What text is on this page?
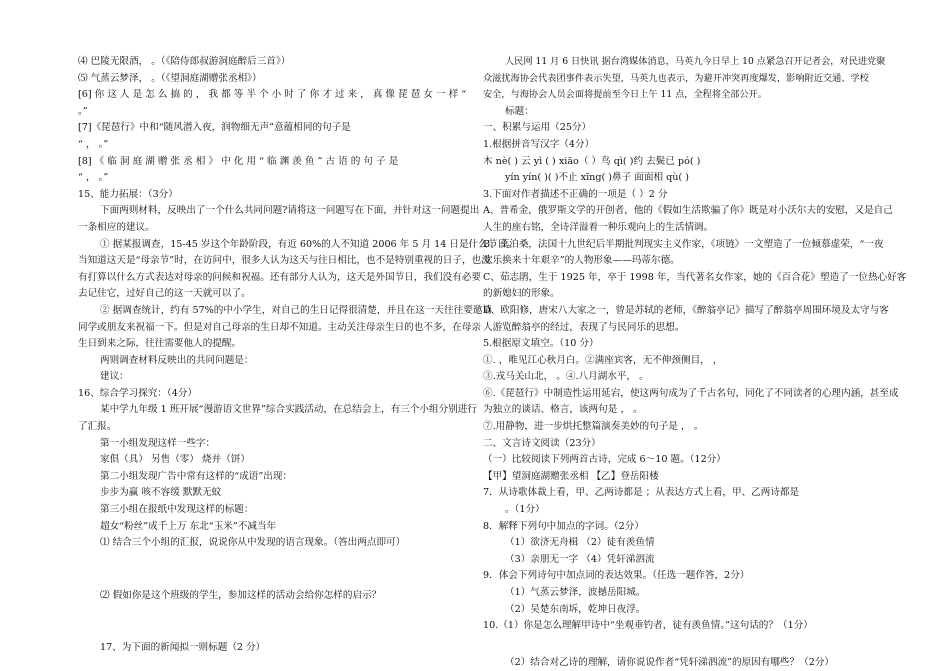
⑷ 巴陵无限酒， 。（《陪侍郎叔游洞庭醉后三首》）
⑸ 气蒸云梦泽， 。（《望洞庭湖赠张丞相》）
[6] 你 这 人 是 怎 么 搞 的 ， 我 都 等 半 个 小 时 了 你 才 过 来 ， 真 像 琵 琶 女 一 样 “
。”
[7]《琵琶行》中和“随风潜入夜，润物细无声”意蕴相同的句子是
“ ， 。”
[8] 《 临 洞 庭 湖 赠 张 丞 相 》 中 化 用 “ 临 渊 羡 鱼 ” 古 语 的 句 子 是
“ ， 。”
15、能力拓展：（3分）
下面两则材料，反映出了一个什么共同问题?请将这一问题写在下面，并针对这一问题提出
一条相应的建议。
① 据某报调查，15-45 岁这个年龄阶段，有近 60%的人不知道 2006 年 5 月 14 日是什么节日。
当知道这天是“母亲节”时，在访问中，很多人认为这天与往日相比，也不是特别重视的日子，也没
有打算以什么方式表达对母亲的问候和祝福。还有部分人认为，这天是外国节日，我们没有必要
去记住它，过好自己的这一天就可以了。
② 据调查统计，约有 57%的中小学生，对自己的生日记得很清楚，并且在这一天往往要邀请
同学或朋友来祝福一下。但是对自己母亲的生日却不知道。主动关注母亲生日的也不多，在母亲
生日到来之际，往往需要他人的提醒。
两则调查材料反映出的共同问题是：
建议：
16、综合学习探究：（4分）
某中学九年级 1 班开展“漫游语文世界”综合实践活动，在总结会上，有三个小组分别进行
了汇报。
第一小组发现这样一些字：
家俱（具） 另售（零） 烧并（饼）
第二小组发现广告中常有这样的“成语”出现：
步步为赢 咳不容缓 默默无蚊
第三小组在报纸中发现这样的标题：
超女“粉丝”成千上万 东北“玉米”不减当年
⑴ 结合三个小组的汇报，说说你从中发现的语言现象。（答出两点即可）
⑵ 假如你是这个班级的学生，参加这样的活动会给你怎样的启示？
17、为下面的新闻拟一则标题（2 分）
人民网 11 月 6 日快讯 据台湾媒体消息，马英九今日早上 10 点紧急召开记者会，对民进党聚
众滋扰海协会代表团事件表示失望，马英九也表示，为避开冲突再度爆发，影响附近交通、学校
安全，与海协会人员会面将提前至今日上午 11 点，全程将全部公开。
标题：
一、积累与运用（25分）
1.根据拼音写汉字（4分）
木 nè( ) 云 yì ( ) xiāo（ ）鸟 qì( )约 去鬓已 pó( )
yín yín( )( )不止 xīng( )鼻子 面面相 qù( )
3.下面对作者描述不正确的一项是（ ）2 分
A、普希金，俄罗斯文学的开创者，他的《假如生活欺骗了你》既是对小沃尔夫的安慰，又是自己
人生的座右铭，全诗洋溢着一种乐观向上的生活情调。
B、莫泊桑，法国十九世纪后半期批判现实主义作家，《项链》一文塑造了一位倾慕虚荣，“一夜
欢乐换来十年艰辛”的人物形象——玛蒂尔德。
C、茹志鹃，生于 1925 年，卒于 1998 年，当代著名女作家，她的《百合花》塑造了一位热心好客
的新媳妇的形象。
D、欧阳修，唐宋八大家之一，曾是苏轼的老师，《醉翁亭记》描写了醉翁亭周围环境及太守与客
人游览醉翁亭的经过，表现了与民同乐的思想。
5.根据原文填空。（10 分）
①. ，唯见江心秋月白。②满座宾客，无不伸颈侧目， ，
③.戎马关山北， 。④.八月湖水平， 。
⑥.《琵琶行》中制造性运用延宕，使这两句成为了千古名句，同化了不同读者的心理内涵，甚至成
为独立的谈话、格言，该两句是 ， 。
⑦.用静物，进一步烘托整篇演奏美妙的句子是 ， 。
二、文言诗文阅读（23分）
（一）比较阅读下列两首古诗，完成 6～10 题。（12分）
【甲】望洞庭湖赠张丞相 【乙】登岳阳楼
7．从诗歌体裁上看，甲、乙两诗都是 ；从表达方式上看，甲、乙两诗都是
。（1分）
8．解释下列句中加点的字词。（2分）
（1）欲济无舟楫 （2）徒有羡鱼情
（3）亲朋无一字 （4）凭轩涕泗流
9．体会下列诗句中加点词的表达效果。（任选一题作答，2分）
（1）气蒸云梦泽，波撼岳阳城。
（2）吴楚东南坼，乾坤日夜浮。
10.（1）你是怎么理解甲诗中“坐观垂钓者，徒有羡鱼情。”这句话的？（1分）
（2）结合对乙诗的理解，请你说说作者“凭轩涕泗流”的原因有哪些？（2分）
